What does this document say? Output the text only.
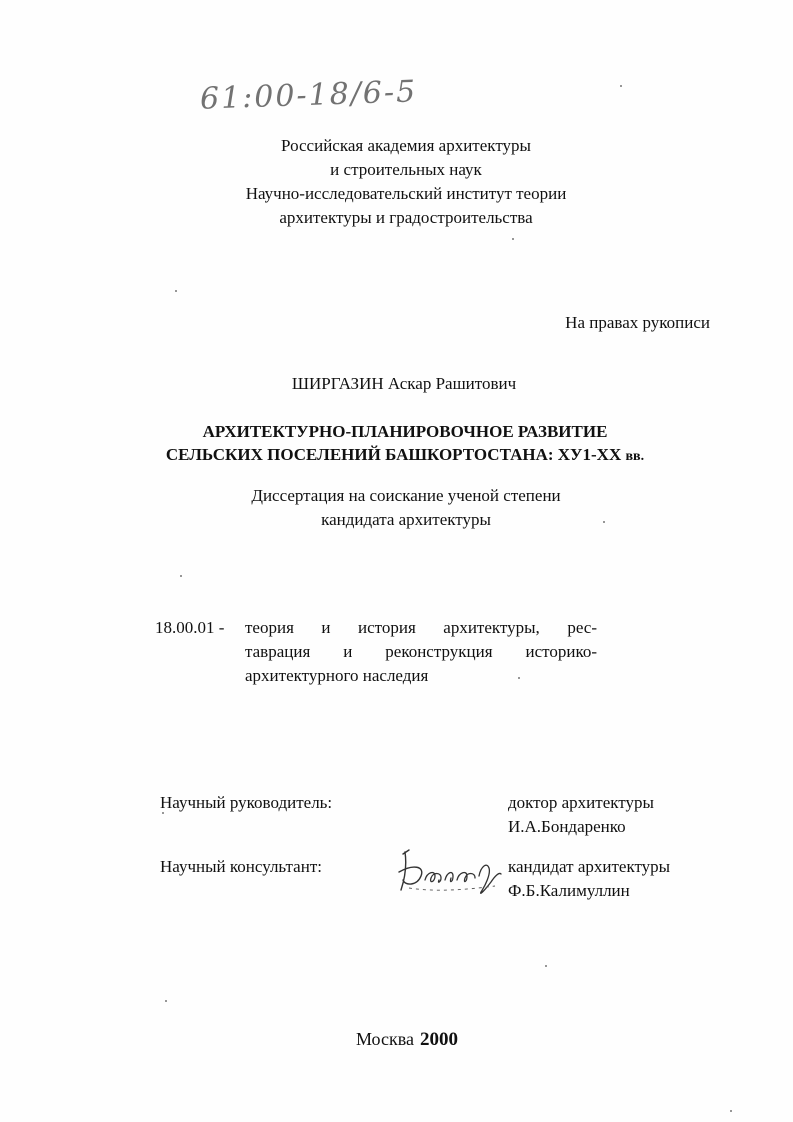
61:00-18/6-5
Российская академия архитектуры
и строительных наук
Научно-исследовательский институт теории
архитектуры и градостроительства
На правах рукописи
ШИРГАЗИН Аскар Рашитович
АРХИТЕКТУРНО-ПЛАНИРОВОЧНОЕ РАЗВИТИЕ
СЕЛЬСКИХ ПОСЕЛЕНИЙ БАШКОРТОСТАНА: ХУ1-ХХ вв.
Диссертация на соискание ученой степени
кандидата архитектуры
18.00.01 - теория и история архитектуры, рес-
таврация и реконструкция историко-
архитектурного наследия
Научный руководитель:	доктор архитектуры
И.А.Бондаренко
Научный консультант:	кандидат архитектуры
Ф.Б.Калимуллин
Москва 2000
